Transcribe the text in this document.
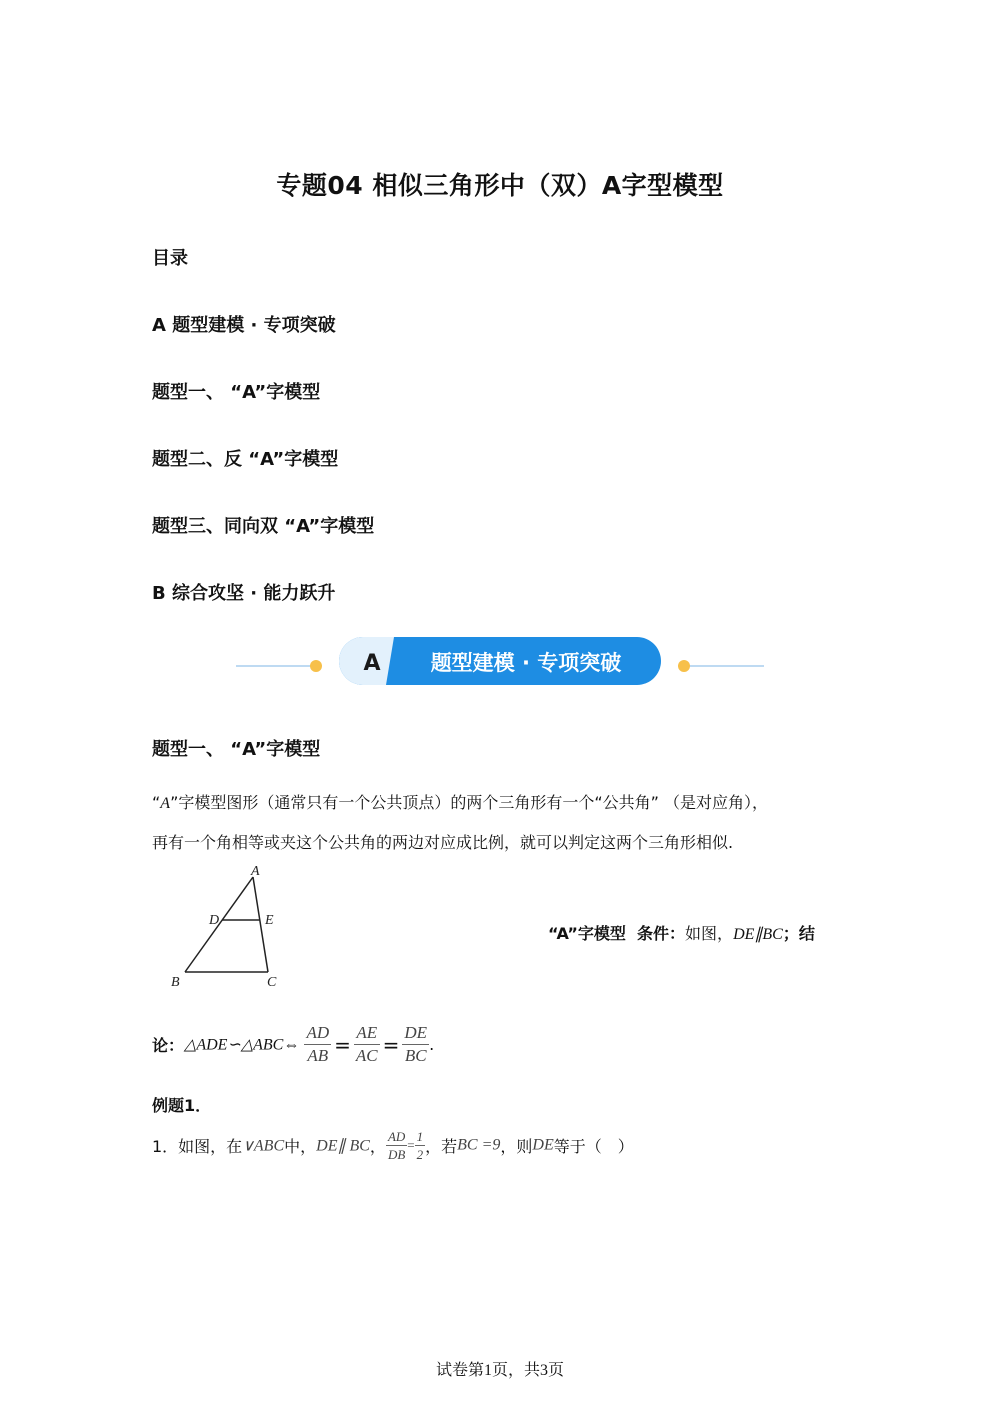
专题04 相似三角形中（双）A字型模型
目录
A 题型建模 · 专项突破
题型一、 “A”字模型
题型二、反 “A”字模型
题型三、同向双 “A”字模型
B 综合攻坚 · 能力跃升
A 题型建模 · 专项突破
题型一、 “A”字模型
“A”字模型图形（通常只有一个公共顶点）的两个三角形有一个“公共角” （是对应角），
再有一个角相等或夹这个公共角的两边对应成比例，就可以判定这两个三角形相似.
A
B	C
D	E
“A”字模型 条件：如图，DE∥BC；结
论：△ADE∽△ABC⇔ $\frac{AD}{AB} = \frac{AE}{AC} = \frac{DE}{BC}$ .
例题1．
1．如图，在∨ABC中，DE∥ BC， $\frac{AD}{DB} = \frac{1}{2}$ ，若BC =9，则DE等于（　）
试卷第1页，共3页
